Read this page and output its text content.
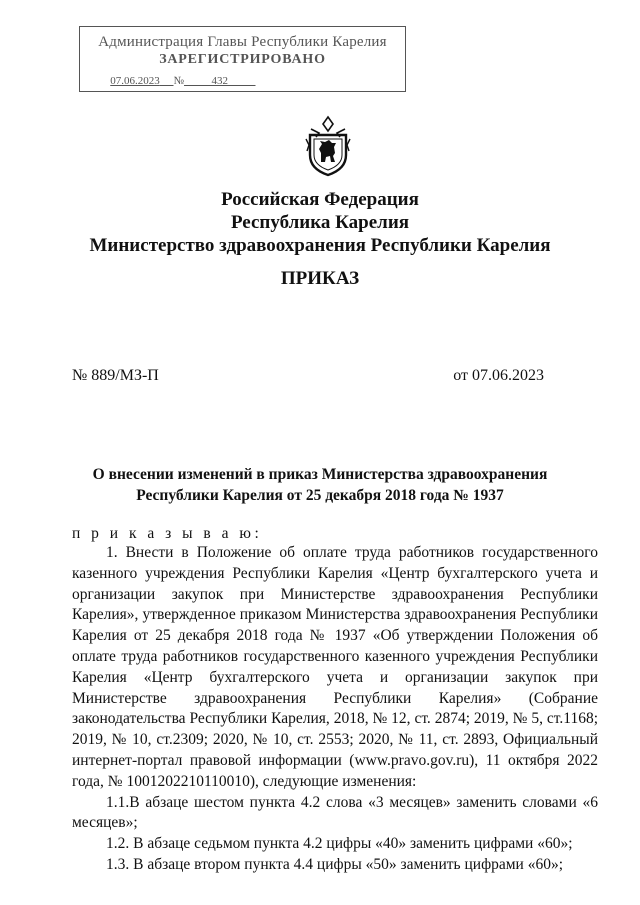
Администрация Главы Республики Карелия
ЗАРЕГИСТРИРОВАНО
07.06.2023 №	432
Российская Федерация
Республика Карелия
Министерство здравоохранения Республики Карелия
ПРИКАЗ
№ 889/МЗ-П	от 07.06.2023
О внесении изменений в приказ Министерства здравоохранения
Республики Карелия от 25 декабря 2018 года № 1937
п р и к а з ы в а ю:

1. Внести в Положение об оплате труда работников государственного казенного учреждения Республики Карелия «Центр бухгалтерского учета и организации закупок при Министерстве здравоохранения Республики Карелия», утвержденное приказом Министерства здравоохранения Республики Карелия от 25 декабря 2018 года № 1937 «Об утверждении Положения об оплате труда работников государственного казенного учреждения Республики Карелия «Центр бухгалтерского учета и организации закупок при Министерстве здравоохранения Республики Карелия» (Собрание законодательства Республики Карелия, 2018, № 12, ст. 2874; 2019, № 5, ст.1168; 2019, № 10, ст.2309; 2020, № 10, ст. 2553; 2020, № 11, ст. 2893, Официальный интернет-портал правовой информации (www.pravo.gov.ru), 11 октября 2022 года, № 1001202210110010), следующие изменения:

1.1.В абзаце шестом пункта 4.2 слова «3 месяцев» заменить словами «6 месяцев»;

1.2. В абзаце седьмом пункта 4.2 цифры «40» заменить цифрами «60»;

1.3. В абзаце втором пункта 4.4 цифры «50» заменить цифрами «60»;
